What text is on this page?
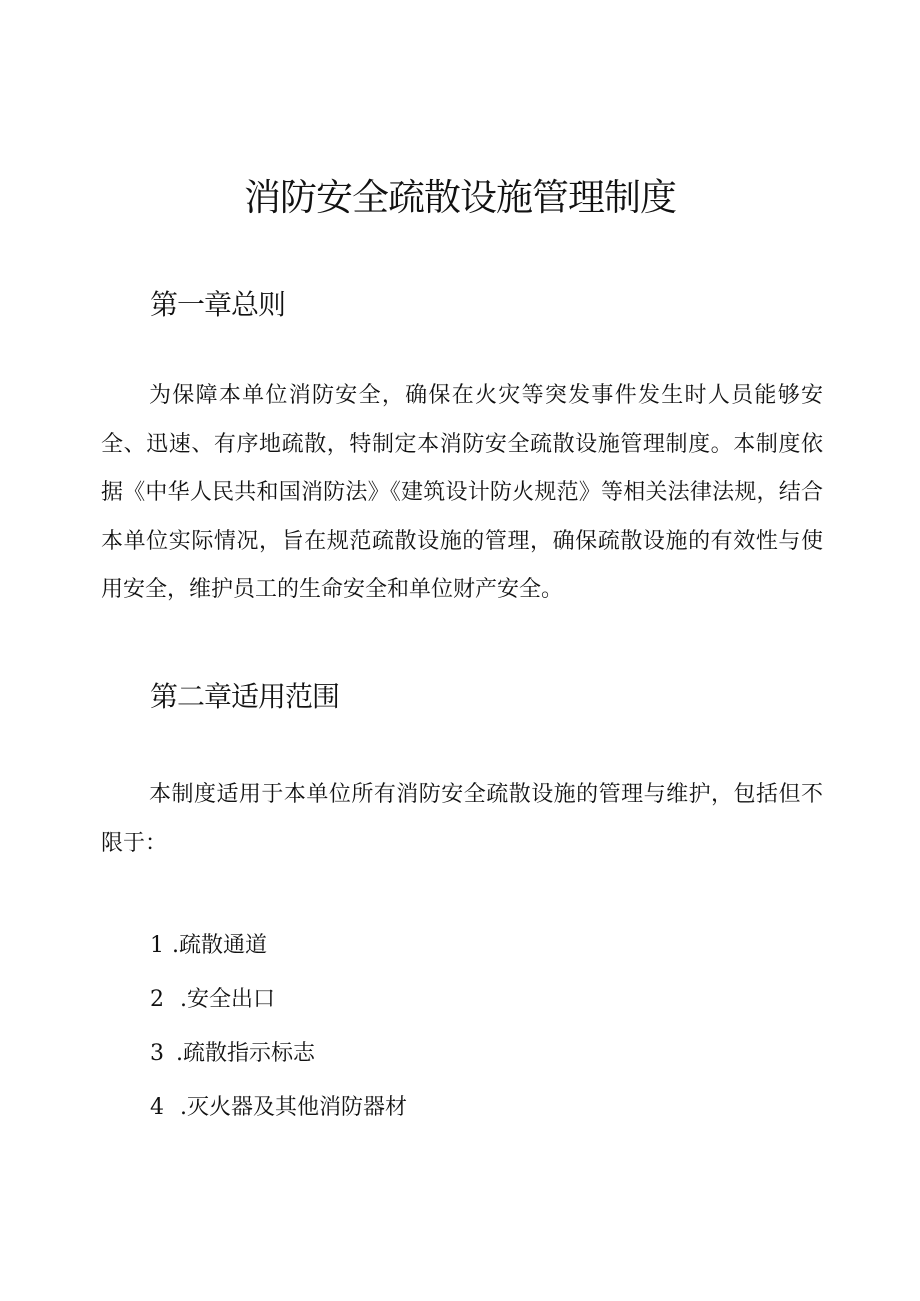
消防安全疏散设施管理制度
第一章总则

为保障本单位消防安全，确保在火灾等突发事件发生时人员能够安全、迅速、有序地疏散，特制定本消防安全疏散设施管理制度。本制度依据《中华人民共和国消防法》《建筑设计防火规范》等相关法律法规，结合本单位实际情况，旨在规范疏散设施的管理，确保疏散设施的有效性与使用安全，维护员工的生命安全和单位财产安全。

第二章适用范围

本制度适用于本单位所有消防安全疏散设施的管理与维护，包括但不限于：

1 .疏散通道
2 .安全出口
3 .疏散指示标志
4 .灭火器及其他消防器材
